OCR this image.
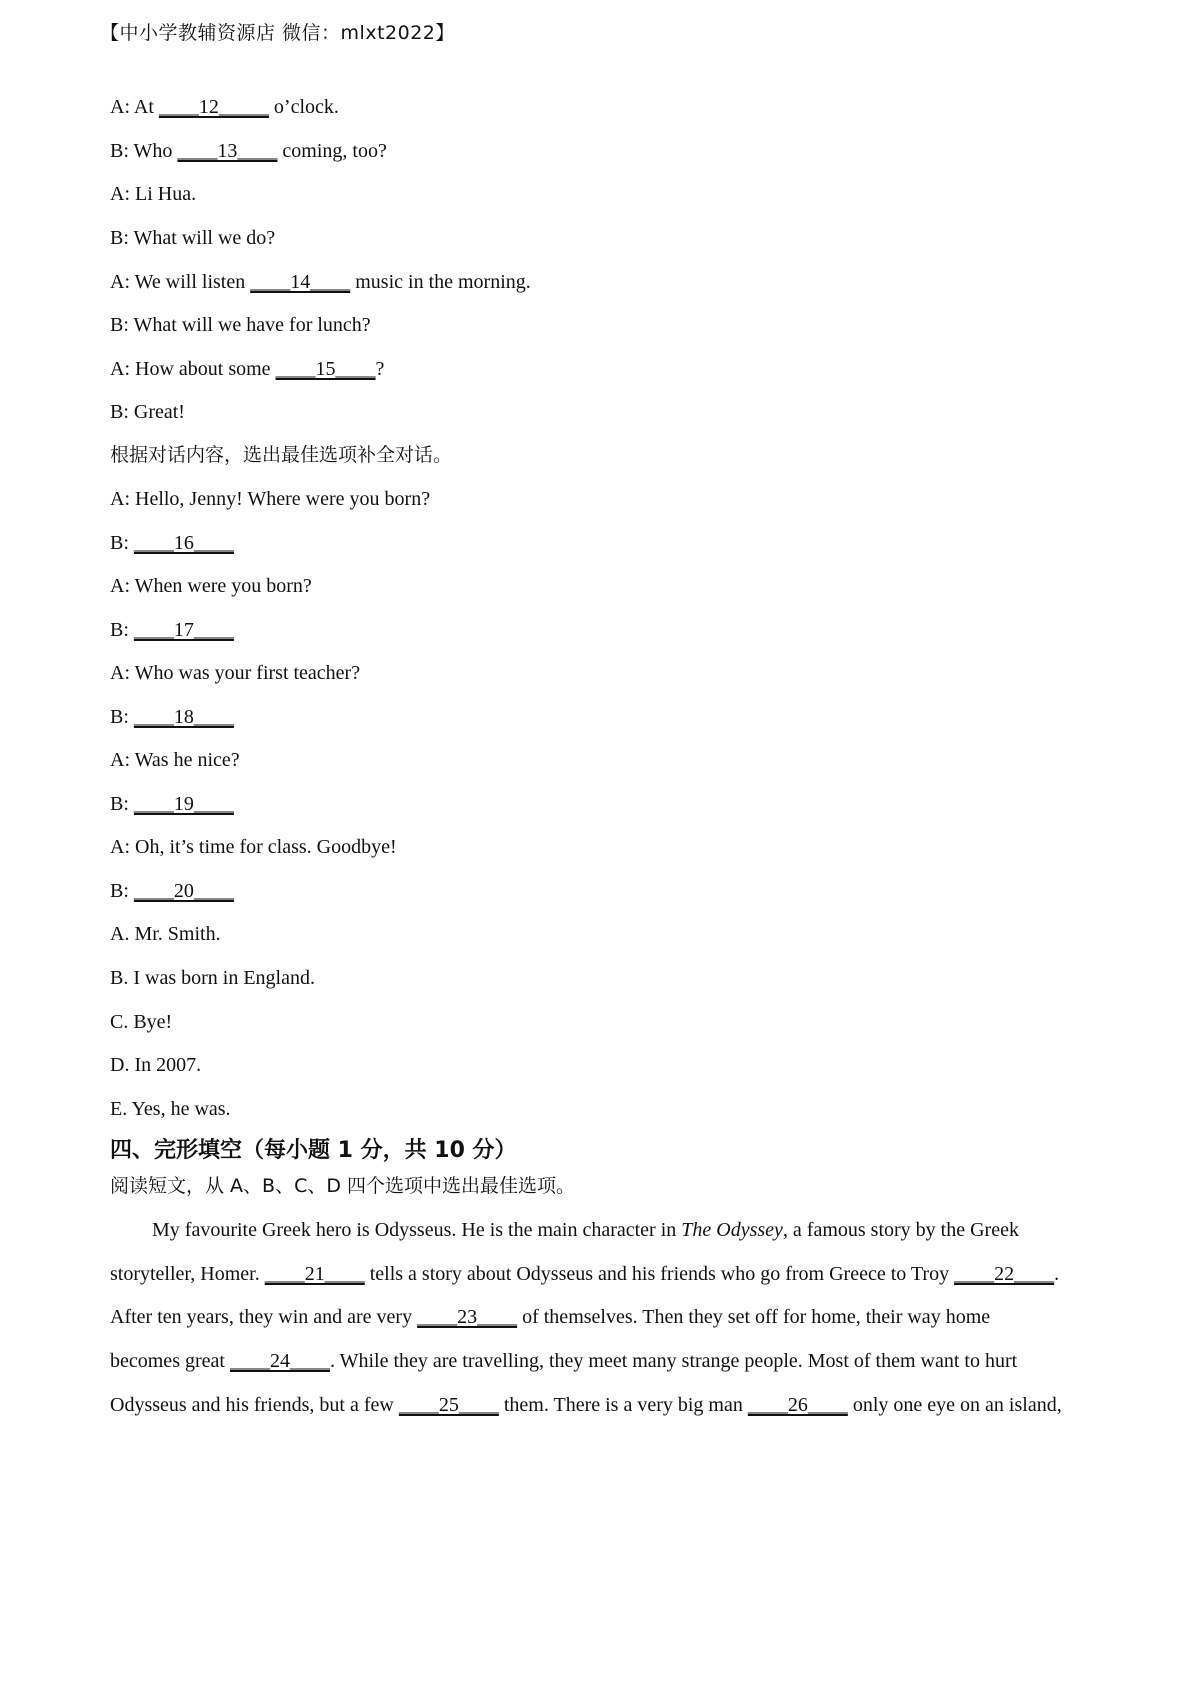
【中小学教辅资源店 微信：mlxt2022】
A: At ____12_____ o’clock.
B: Who ____13____ coming, too?
A: Li Hua.
B: What will we do?
A: We will listen ____14____ music in the morning.
B: What will we have for lunch?
A: How about some ____15____?
B: Great!
根据对话内容，选出最佳选项补全对话。
A: Hello, Jenny! Where were you born?
B: ____16____
A: When were you born?
B: ____17____
A: Who was your first teacher?
B: ____18____
A: Was he nice?
B: ____19____
A: Oh, it’s time for class. Goodbye!
B: ____20____
A. Mr. Smith.
B. I was born in England.
C. Bye!
D. In 2007.
E. Yes, he was.
四、完形填空（每小题 1 分，共 10 分）
阅读短文，从 A、B、C、D 四个选项中选出最佳选项。
My favourite Greek hero is Odysseus. He is the main character in The Odyssey, a famous story by the Greek
storyteller, Homer. ____21____ tells a story about Odysseus and his friends who go from Greece to Troy ____22____.
After ten years, they win and are very ____23____ of themselves. Then they set off for home, their way home
becomes great ____24____. While they are travelling, they meet many strange people. Most of them want to hurt
Odysseus and his friends, but a few ____25____ them. There is a very big man ____26____ only one eye on an island,
